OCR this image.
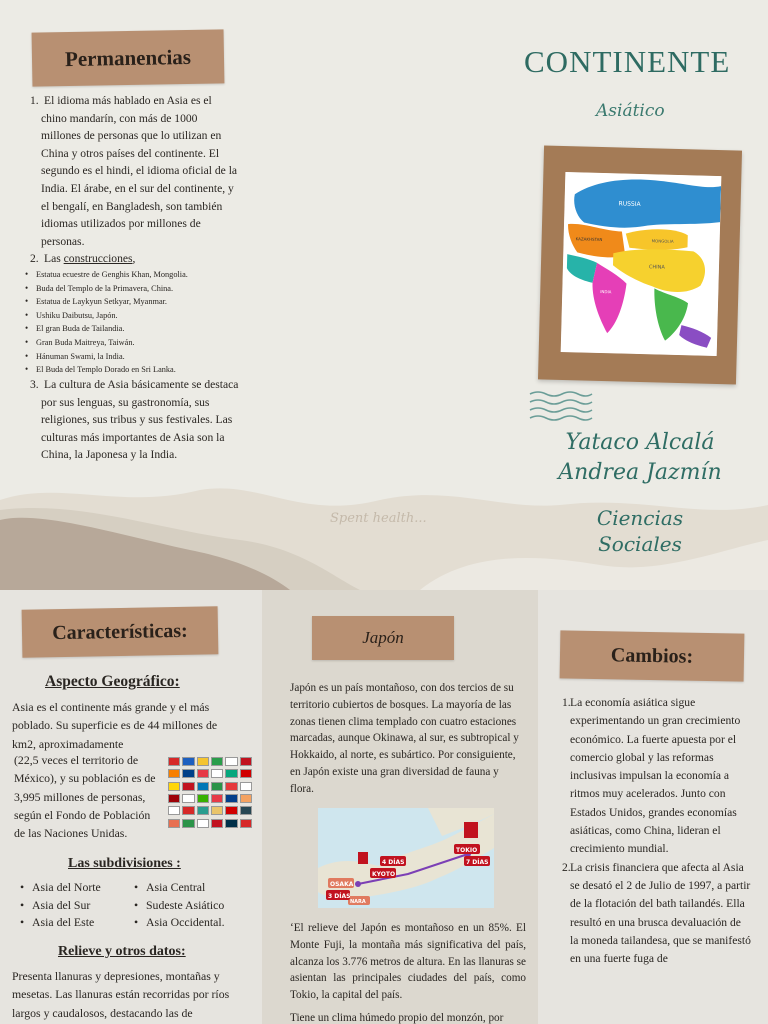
Spent health...
Permanencias
1. El idioma más hablado en Asia es el
chino mandarín, con más de 1000
millones de personas que lo utilizan en
China y otros países del continente. El
segundo es el hindi, el idioma oficial de la
India. El árabe, en el sur del continente, y
el bengalí, en Bangladesh, son también
idiomas utilizados por millones de
personas.
2. Las construcciones,
• Estatua ecuestre de Genghis Khan, Mongolia.
• Buda del Templo de la Primavera, China.
• Estatua de Laykyun Setkyar, Myanmar.
• Ushiku Daibutsu, Japón.
• El gran Buda de Tailandia.
• Gran Buda Maitreya, Taiwán.
• Hánuman Swami, la India.
• El Buda del Templo Dorado en Sri Lanka.
3. La cultura de Asia básicamente se destaca
por sus lenguas, su gastronomía, sus
religiones, sus tribus y sus festivales. Las
culturas más importantes de Asia son la
China, la Japonesa y la India.
CONTINENTE
Asiático
RUSSIA
MONGOLIA
CHINA
KAZAKHSTAN
INDIA
Yataco Alcalá
Andrea Jazmín
Ciencias
Sociales
Características:	Japón
Cambios:
Aspecto Geográfico:
Asia es el continente más grande y el más poblado. Su superficie es de 44 millones de km2, aproximadamente
(22,5 veces el territorio de México), y su población es de 3,995 millones de personas, según el Fondo de Población de las Naciones Unidas.
Las subdivisiones :
• Asia del Norte
• Asia del Sur
• Asia del Este
• Asia Central
• Sudeste Asiático
• Asia Occidental.
Relieve y otros datos:
Presenta llanuras y depresiones, montañas y mesetas. Las llanuras están recorridas por ríos largos y caudalosos, destacando las de
Japón es un país montañoso, con dos tercios de su territorio cubiertos de bosques. La mayoría de las zonas tienen clima templado con cuatro estaciones marcadas, aunque Okinawa, al sur, es subtropical y Hokkaido, al norte, es subártico. Por consiguiente, en Japón existe una gran diversidad de fauna y flora.
KYOTO
OSAKA
TOKIO
NARA
4 DÍAS
3 DÍAS
7 DÍAS
‘El relieve del Japón es montañoso en un 85%. El Monte Fuji, la montaña más significativa del país, alcanza los 3.776 metros de altura. En las llanuras se asientan las principales ciudades del país, como Tokio, la capital del país.
Tiene un clima húmedo propio del monzón, por
1.La economía asiática sigue experimentando un gran crecimiento económico. La fuerte apuesta por el comercio global y las reformas inclusivas impulsan la economía a ritmos muy acelerados. Junto con Estados Unidos, grandes economías asiáticas, como China, lideran el crecimiento mundial.
2.La crisis financiera que afecta al Asia se desató el 2 de Julio de 1997, a partir de la flotación del bath tailandés. Ella resultó en una brusca devaluación de la moneda tailandesa, que se manifestó en una fuerte fuga de
